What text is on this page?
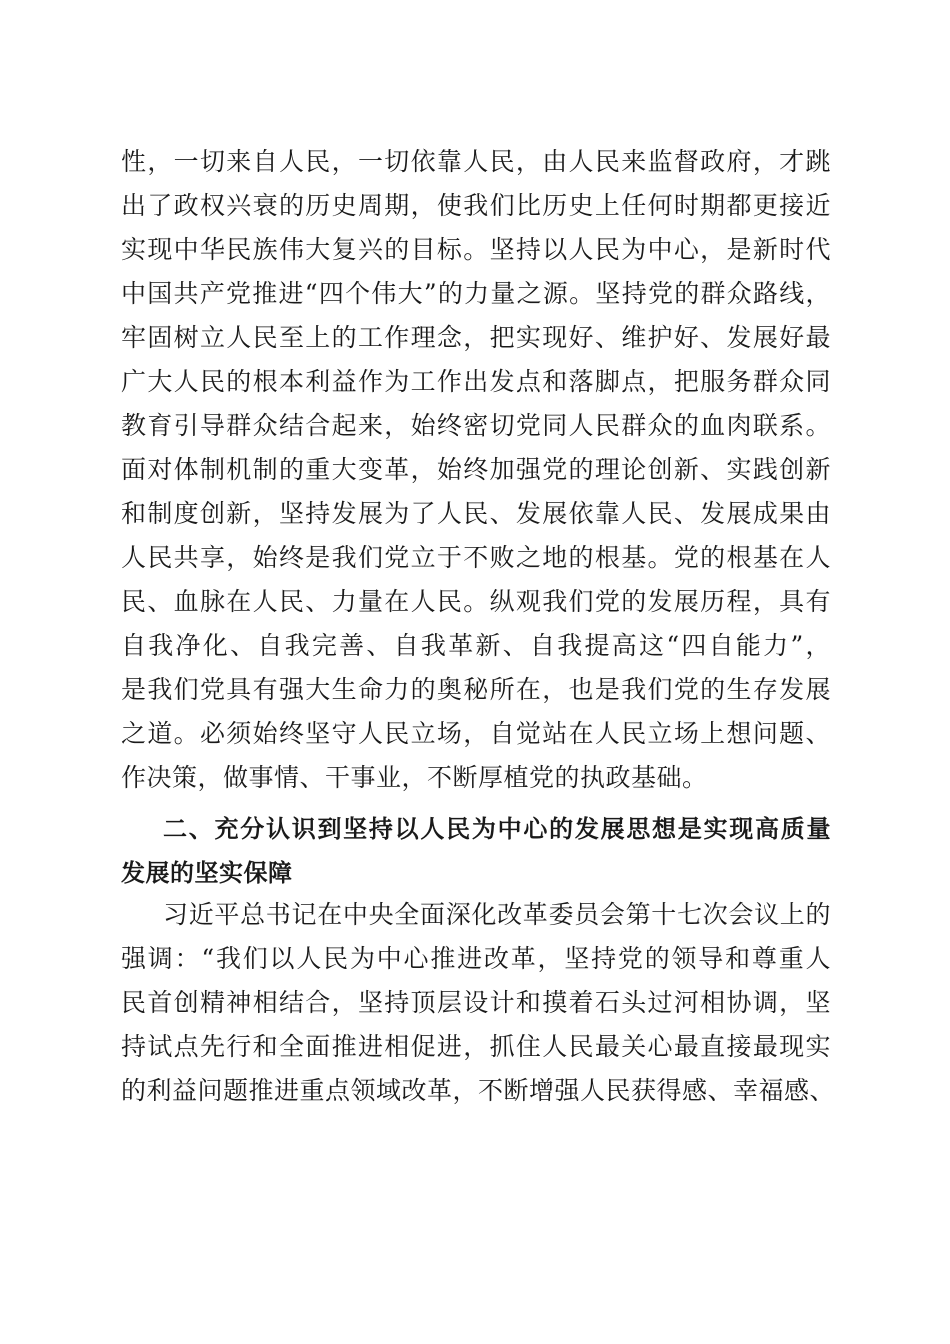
性，一切来自人民，一切依靠人民，由人民来监督政府，才跳
出了政权兴衰的历史周期，使我们比历史上任何时期都更接近
实现中华民族伟大复兴的目标。坚持以人民为中心，是新时代
中国共产党推进“四个伟大”的力量之源。坚持党的群众路线，
牢固树立人民至上的工作理念，把实现好、维护好、发展好最
广大人民的根本利益作为工作出发点和落脚点，把服务群众同
教育引导群众结合起来，始终密切党同人民群众的血肉联系。
面对体制机制的重大变革，始终加强党的理论创新、实践创新
和制度创新，坚持发展为了人民、发展依靠人民、发展成果由
人民共享，始终是我们党立于不败之地的根基。党的根基在人
民、血脉在人民、力量在人民。纵观我们党的发展历程，具有
自我净化、自我完善、自我革新、自我提高这“四自能力”，
是我们党具有强大生命力的奥秘所在，也是我们党的生存发展
之道。必须始终坚守人民立场，自觉站在人民立场上想问题、
作决策，做事情、干事业，不断厚植党的执政基础。
二、充分认识到坚持以人民为中心的发展思想是实现高质量
发展的坚实保障
习近平总书记在中央全面深化改革委员会第十七次会议上的
强调：“我们以人民为中心推进改革，坚持党的领导和尊重人
民首创精神相结合，坚持顶层设计和摸着石头过河相协调，坚
持试点先行和全面推进相促进，抓住人民最关心最直接最现实
的利益问题推进重点领域改革，不断增强人民获得感、幸福感、
